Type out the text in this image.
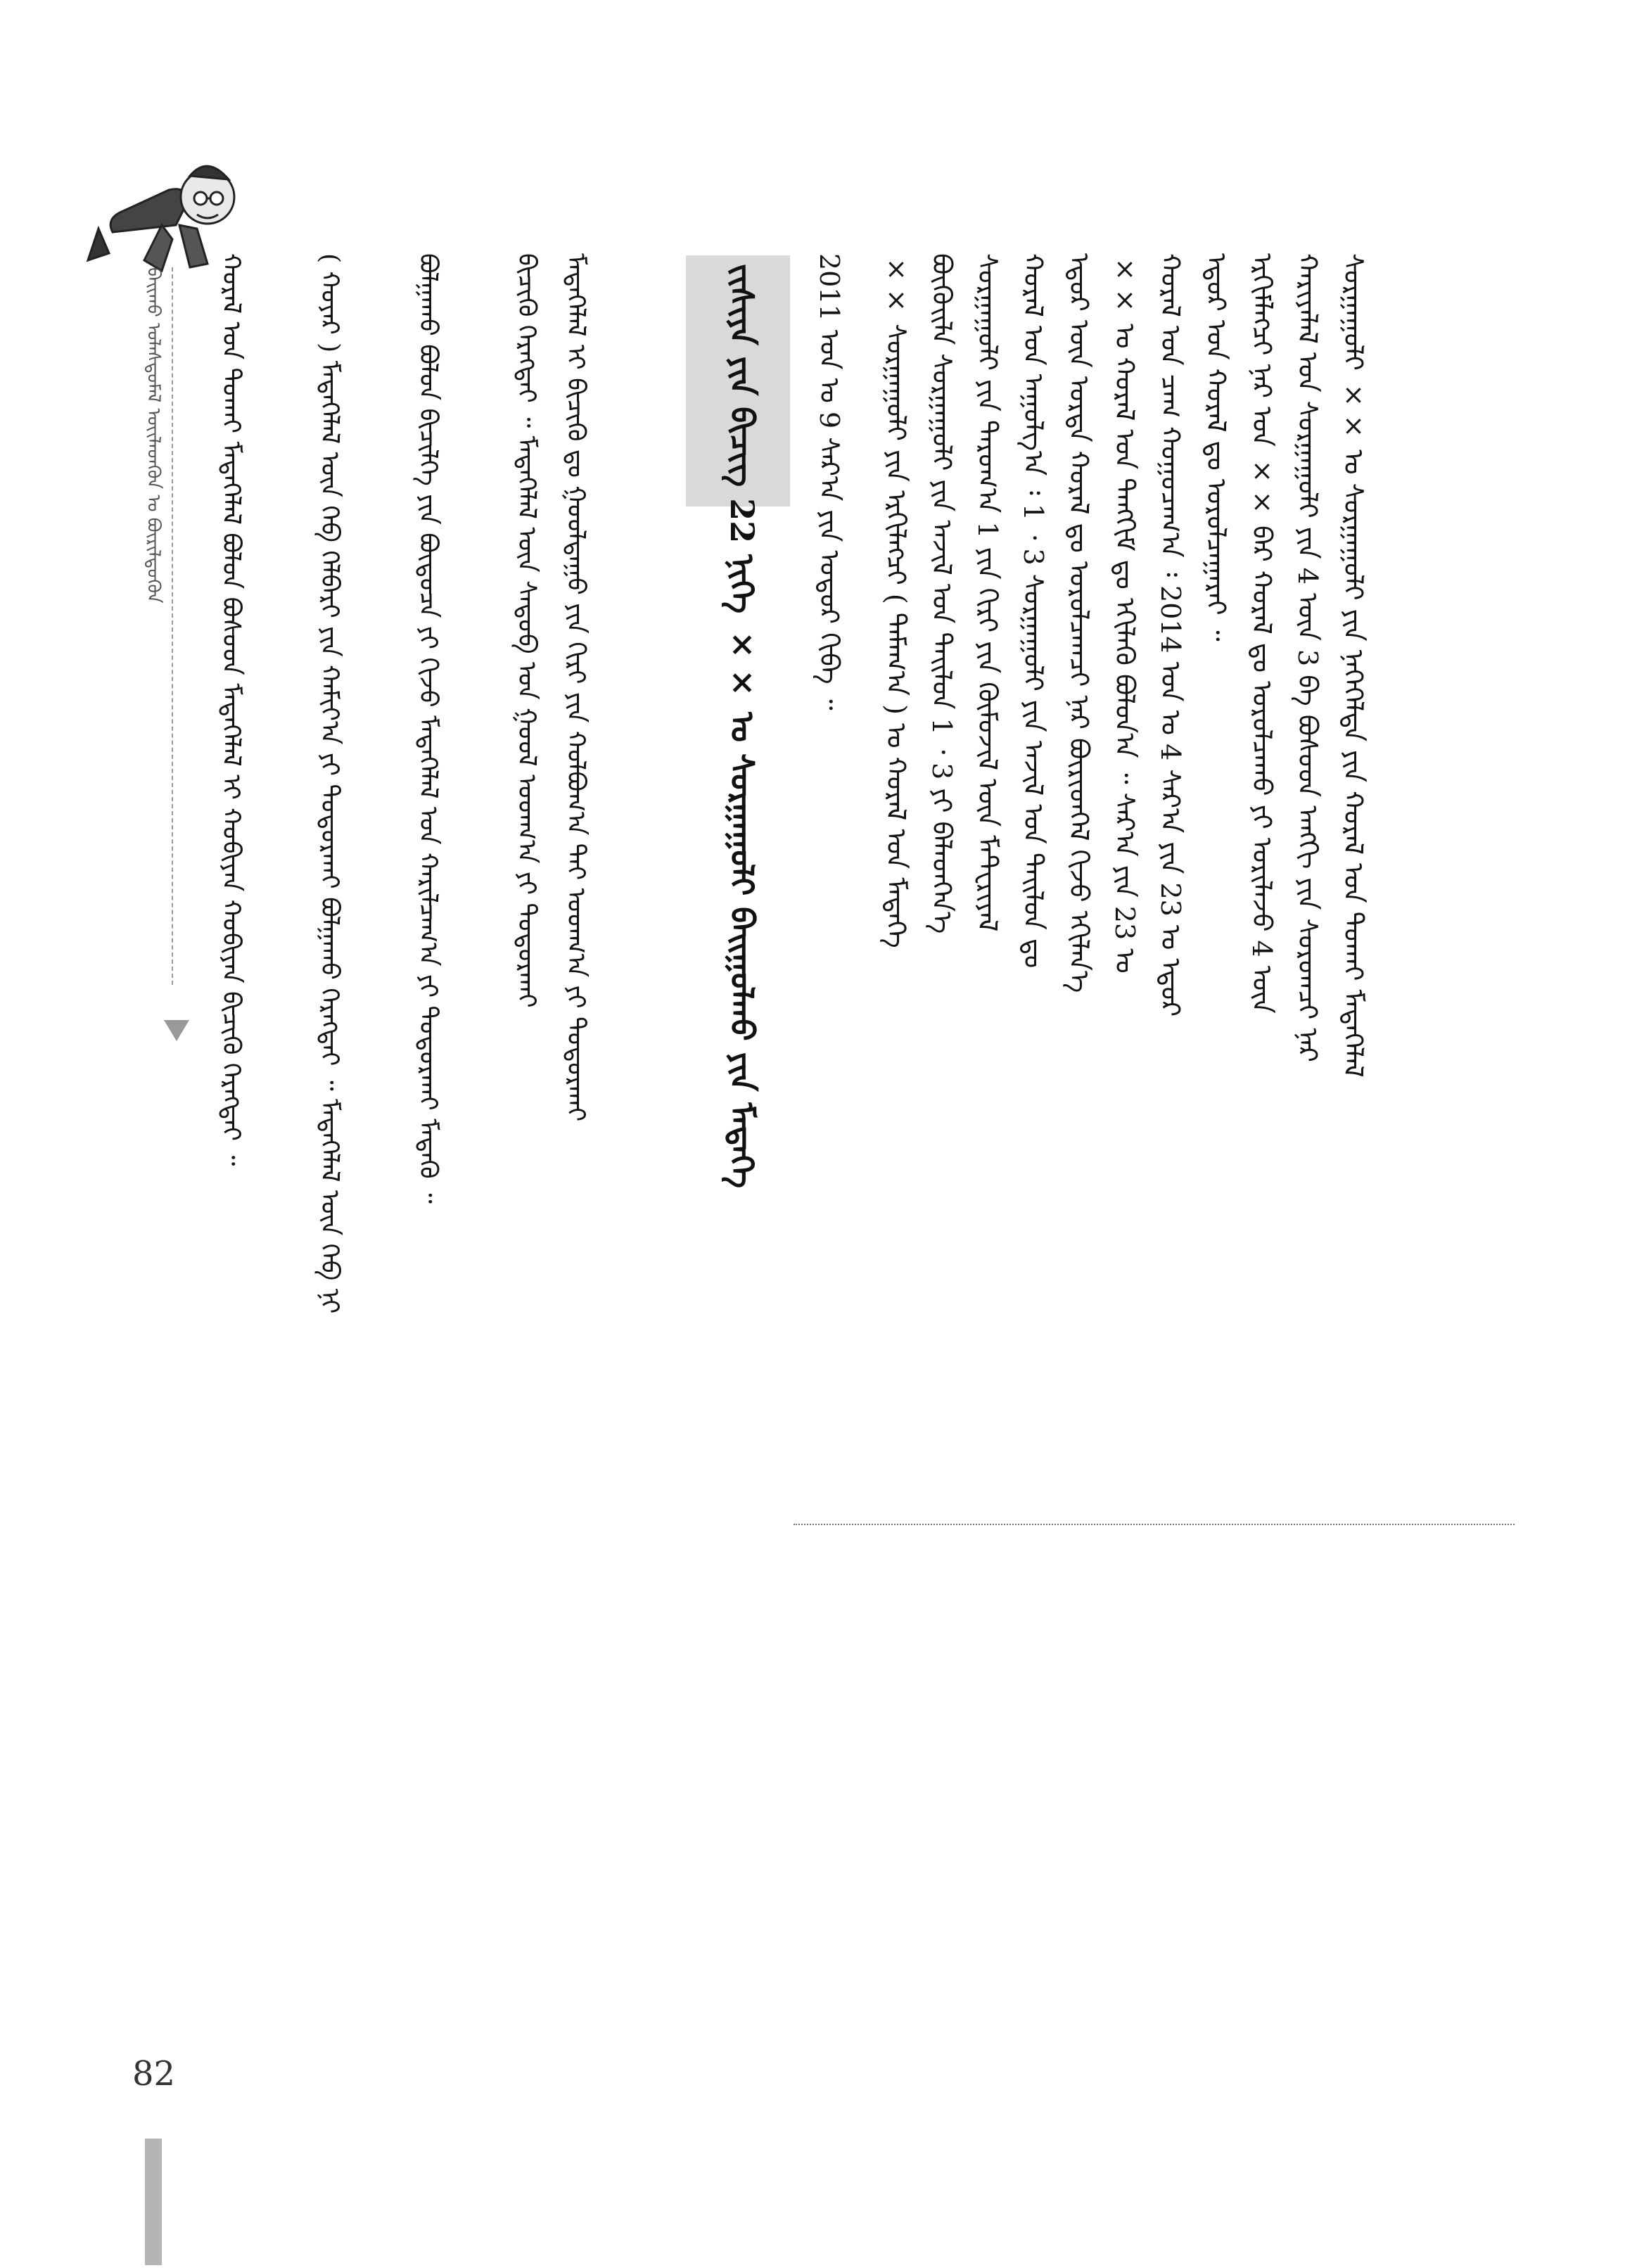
ᠪᠠᠢᠬᠤ ᠤᠯᠠᠰᠲᠤᠮᠠᠯ ᠦᠢᠯᠡᠳᠬᠦᠨ ᠤ ᠪᠦᠷᠢᠯᠳᠦᠬᠦᠨ	ᠵᠢᠱᠢᠶᠡ ᠶᠢᠨ ᠪᠢᠴᠢᠭ 22 ᠨᠢᠭᠡ ×× ᠤ ᠰᠤᠷᠭᠠᠭᠤᠯᠢ ᠪᠠᠢᠭᠤᠯᠬᠤ ᠶᠢᠨ ᠮᠡᠳᠡᠭᠡ	ᠰᠤᠷᠭᠠᠭᠤᠯᠢ ×× ᠤ ᠰᠤᠷᠭᠠᠭᠤᠯᠢ ᠶᠢᠨ ᠨᠡᠭᠡᠭᠡᠯᠲᠡ ᠶᠢᠨ ᠬᠤᠷᠠᠯ ᠤᠨ ᠲᠤᠬᠠᠢ ᠮᠡᠳᠡᠭᠡᠯᠡᠯ
ᠬᠠᠷᠢᠶᠠᠯᠠᠯ ᠤᠨ ᠰᠤᠷᠭᠠᠭᠤᠯᠢ ᠶᠢᠨ 4 ᠦᠨ 3 ᠪᠠ ᠪᠤᠰᠤᠳ ᠠᠩᠭᠢ ᠶᠢᠨ ᠰᠤᠷᠤᠭᠴᠢ ᠨᠠᠷ
ᠡᠷᠬᠢᠮᠯᠡᠭᠴᠢ ᠨᠠᠷ ᠤᠨ ×× ᠪᠠᠷ ᠬᠤᠷᠠᠯ ᠳᠤ ᠤᠷᠤᠯᠴᠠᠬᠤ ᠶᠢ ᠤᠷᠢᠯᠠᠵᠤ 4 ᠦᠨ
ᠡᠳᠦᠷ ᠤᠨ ᠬᠤᠷᠠᠯ ᠳᠤ ᠤᠷᠤᠯᠴᠠᠭᠠᠷᠠᠢ ᠃
ᠬᠤᠷᠠᠯ ᠤᠨ ᠴᠠᠭ ᠬᠤᠭᠤᠴᠠᠭ᠎ᠠ ᠄ 2014 ᠤᠨ ᠤ 4 ᠰᠠᠷ᠎ᠠ ᠶᠢᠨ 23 ᠤ ᠡᠳᠦᠷ
×× ᠤ ᠬᠤᠷᠠᠯ ᠤᠨ ᠲᠠᠩᠬᠢᠮ ᠳᠤ ᠡᠬᠢᠯᠡᠬᠦ ᠪᠤᠯᠤᠨ᠎ᠠ ᠃ ᠰᠠᠷ᠎ᠠ ᠶᠢᠨ 23 ᠤ
ᠡᠳᠦᠷ ᠦᠨ ᠤᠷᠲᠠ ᠬᠤᠷᠠᠯ ᠳᠤ ᠤᠷᠤᠯᠴᠠᠭᠴᠢ ᠨᠠᠷ ᠪᠦᠷᠢᠳᠬᠡᠯ ᠬᠢᠵᠦ ᠡᠬᠢᠯᠡᠨ᠎ᠡ
ᠬᠤᠷᠠᠯ ᠤᠨ ᠠᠭᠤᠯᠭ᠎ᠠ ᠄ 1 ᠂ 3 ᠰᠤᠷᠭᠠᠭᠤᠯᠢ ᠶᠢᠨ ᠠᠵᠢᠯ ᠤᠨ ᠲᠠᠢᠯᠤᠨ ᠳᠤ
ᠰᠤᠷᠭᠠᠭᠤᠯᠢ ᠶᠢᠨ ᠳᠠᠷᠤᠭ᠎ᠠ 1 ᠶᠢᠨ ᠬᠢᠷᠢ ᠶᠢᠨ ᠬᠦᠮᠦᠵᠢᠯ ᠦᠨ ᠮᠠᠲ᠋ᠧᠷᠢᠶᠠᠯ
ᠪᠦᠬᠦᠢᠯᠡ ᠰᠤᠷᠭᠠᠭᠤᠯᠢ ᠶᠢᠨ ᠠᠵᠢᠯ ᠤᠨ ᠲᠠᠢᠯᠤᠨ 1 ᠂ 3 ᠶᠢ ᠪᠡᠯᠡᠳᠬᠡᠨ᠎ᠡ
×× ᠰᠤᠷᠭᠠᠭᠤᠯᠢ ᠶᠢᠨ ᠡᠷᠬᠢᠯᠡᠭᠴᠢ ( ᠲᠠᠮᠠᠭ᠎ᠠ ) ᠤ ᠬᠤᠷᠠᠯ ᠤᠨ ᠮᠡᠳᠡᠭᠡ
2011 ᠤᠨ ᠤ 9 ᠰᠠᠷ᠎ᠠ ᠶᠢᠨ ᠤᠳᠤᠷ ᠬᠢᠪᠡ ᠃
ᠮᠡᠳᠡᠭᠡᠯᠡᠯ ᠢ ᠪᠢᠴᠢᠬᠦ ᠳᠤ ᠭᠤᠤᠯᠳᠠᠭᠤ ᠶᠢᠨ ᠬᠢᠷᠢ ᠶᠢᠨ ᠬᠤᠯᠪᠤᠭ᠎ᠠ ᠲᠠᠢ ᠤᠳᠬ᠎ᠠ ᠶᠢ ᠲᠤᠳᠤᠷᠬᠠᠢ
ᠪᠢᠴᠢᠬᠦ ᠬᠡᠷᠡᠭᠲᠡᠢ ᠃ ᠮᠡᠳᠡᠭᠡᠯᠡᠯ ᠦᠨ ᠰᠡᠳᠦᠪ ᠤᠨ ᠭᠤᠤᠯ ᠤᠳᠬ᠎ᠠ ᠶᠢ ᠲᠤᠳᠤᠷᠬᠠᠢ
ᠪᠤᠯᠭᠠᠬᠤ ᠪᠤᠯᠤᠨ ᠪᠢᠴᠢᠯᠭᠡ ᠶᠢᠨ ᠪᠦᠲᠦᠴᠡ ᠶᠢ ᠬᠢᠵᠦ ᠮᠡᠳᠡᠭᠡᠯᠡᠯ ᠤᠨ ᠬᠠᠷᠢᠯᠴᠠᠭ᠎ᠠ ᠶᠢ ᠲᠤᠳᠤᠷᠬᠠᠢ ᠮᠡᠳᠡᠬᠦ ᠃
( ᠬᠤᠶᠠᠷ ) ᠮᠡᠳᠡᠭᠡᠯᠡᠯ ᠦᠨ ᠬᠡᠪ ᠬᠡᠯᠪᠡᠷᠢ ᠶᠢᠨ ᠬᠠᠮᠢᠶ᠎ᠠ ᠶᠢ ᠲᠤᠳᠤᠷᠬᠠᠢ ᠪᠤᠯᠭᠠᠬᠤ ᠬᠡᠷᠡᠭᠲᠡᠢ ᠃ ᠮᠡᠳᠡᠭᠡᠯᠡᠯ ᠦᠨ ᠬᠡᠪ ᠨᠢ
ᠬᠤᠷᠠᠯ ᠤᠨ ᠲᠤᠬᠠᠢ ᠮᠡᠳᠡᠭᠡᠯᠡᠯ ᠪᠤᠯᠤᠨ ᠪᠤᠰᠤᠳ ᠮᠡᠳᠡᠭᠡᠯᠡᠯ ᠢ ᠬᠤᠪᠢᠶᠠᠨ ᠬᠤᠪᠢᠶᠠᠨ ᠪᠢᠴᠢᠬᠦ ᠬᠡᠷᠡᠭᠲᠡᠢ ᠃
82
